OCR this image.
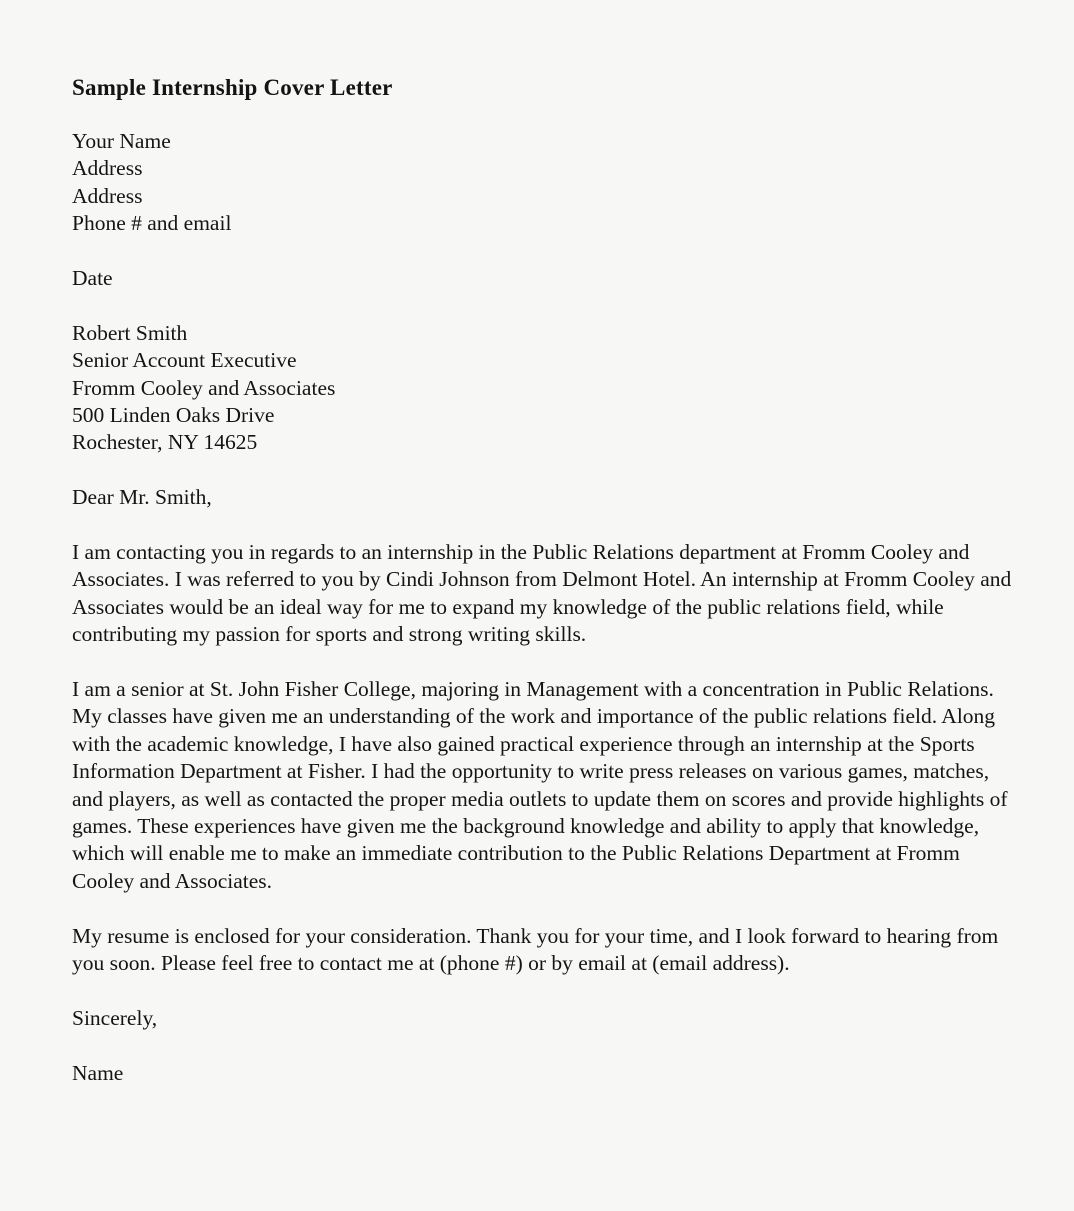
Sample Internship Cover Letter

Your Name

Address

Address

Phone # and email

Date

Robert Smith

Senior Account Executive

Fromm Cooley and Associates

500 Linden Oaks Drive

Rochester, NY 14625

Dear Mr. Smith,

I am contacting you in regards to an internship in the Public Relations department at Fromm Cooley and Associates. I was referred to you by Cindi Johnson from Delmont Hotel. An internship at Fromm Cooley and Associates would be an ideal way for me to expand my knowledge of the public relations field, while contributing my passion for sports and strong writing skills.

I am a senior at St. John Fisher College, majoring in Management with a concentration in Public Relations. My classes have given me an understanding of the work and importance of the public relations field. Along with the academic knowledge, I have also gained practical experience through an internship at the Sports Information Department at Fisher. I had the opportunity to write press releases on various games, matches, and players, as well as contacted the proper media outlets to update them on scores and provide highlights of games. These experiences have given me the background knowledge and ability to apply that knowledge, which will enable me to make an immediate contribution to the Public Relations Department at Fromm Cooley and Associates.

My resume is enclosed for your consideration. Thank you for your time, and I look forward to hearing from you soon. Please feel free to contact me at (phone #) or by email at (email address).

Sincerely,

Name
